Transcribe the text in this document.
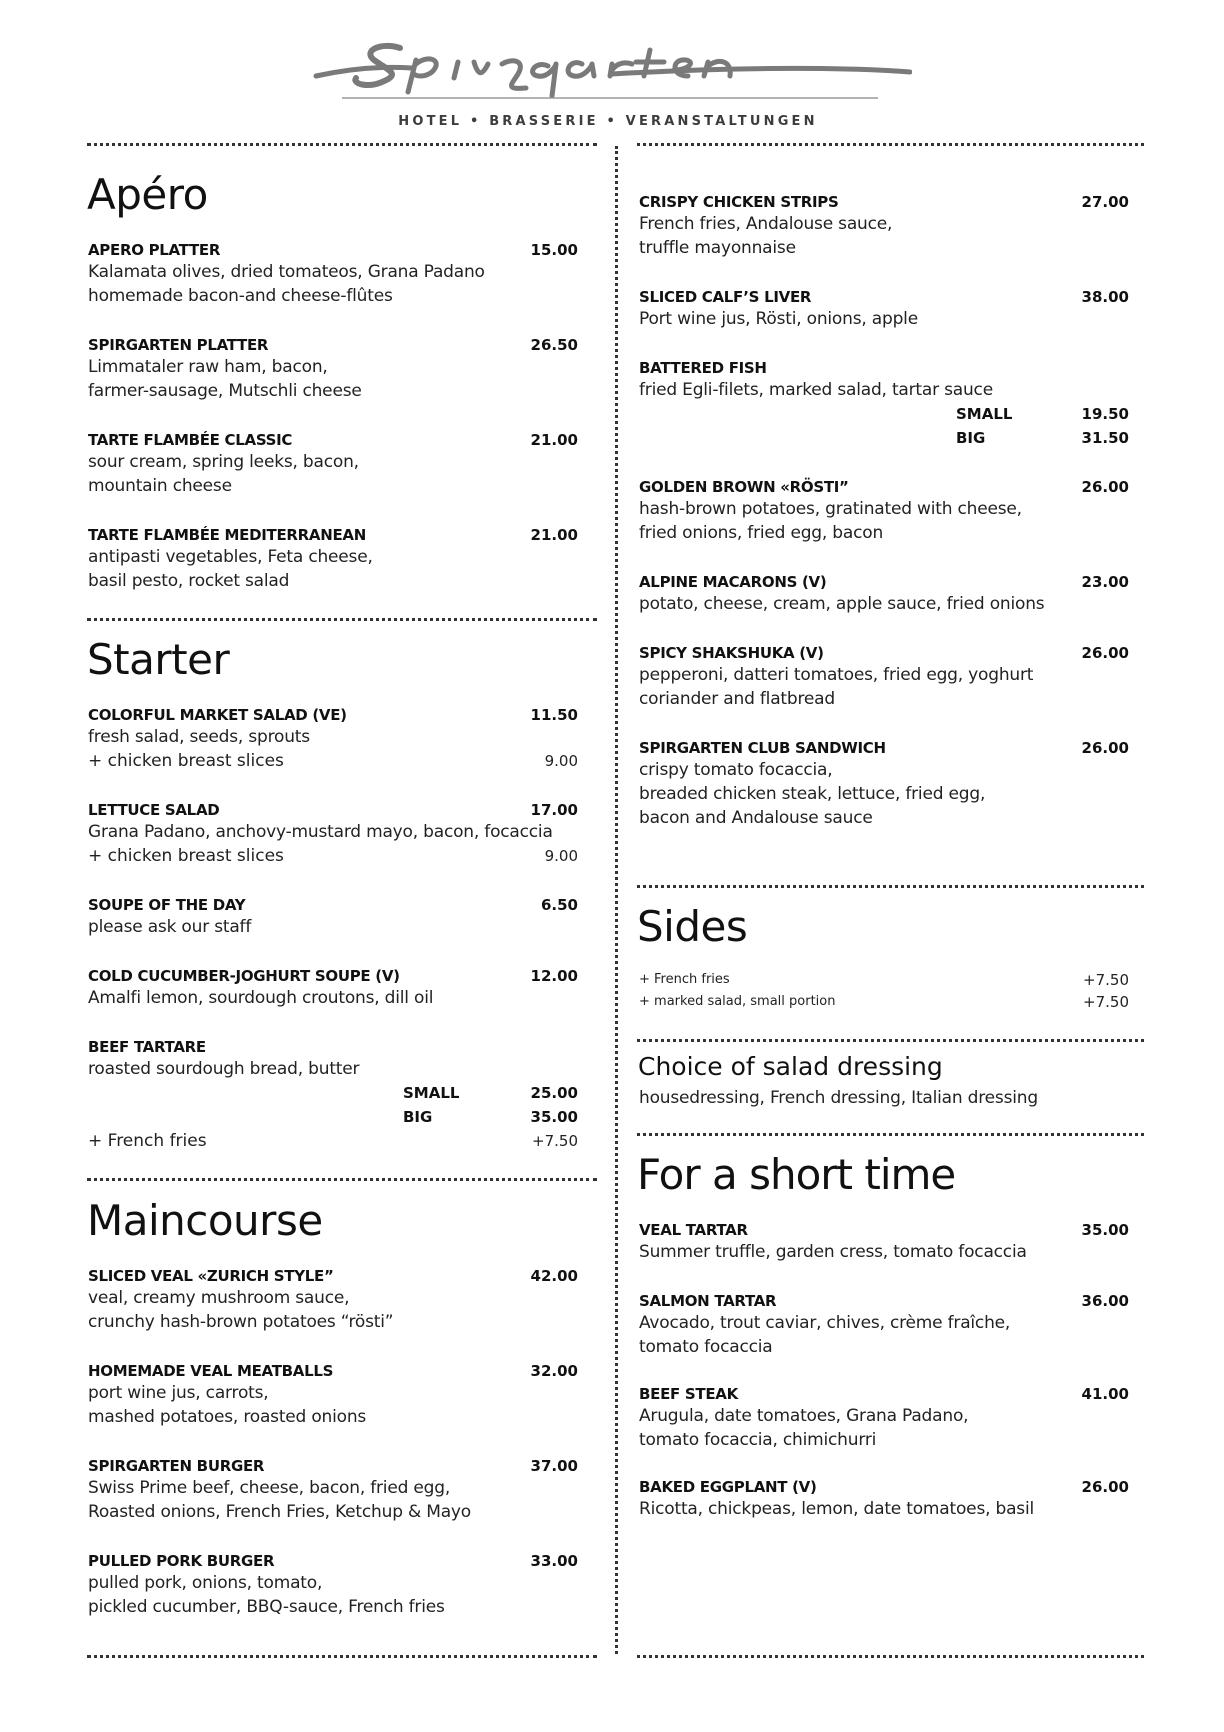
HOTEL • BRASSERIE • VERANSTALTUNGEN
Apéro
APERO PLATTER	15.00
Kalamata olives, dried tomateos, Grana Padano
homemade bacon-and cheese-flûtes
SPIRGARTEN PLATTER	26.50
Limmataler raw ham, bacon,
farmer-sausage, Mutschli cheese
TARTE FLAMBÉE CLASSIC	21.00
sour cream, spring leeks, bacon,
mountain cheese
TARTE FLAMBÉE MEDITERRANEAN	21.00
antipasti vegetables, Feta cheese,
basil pesto, rocket salad
Starter
COLORFUL MARKET SALAD (VE)	11.50
fresh salad, seeds, sprouts
+ chicken breast slices	9.00
LETTUCE SALAD	17.00
Grana Padano, anchovy-mustard mayo, bacon, focaccia
+ chicken breast slices	9.00
SOUPE OF THE DAY	6.50
please ask our staff
COLD CUCUMBER-JOGHURT SOUPE (V)	12.00
Amalfi lemon, sourdough croutons, dill oil
BEEF TARTARE
roasted sourdough bread, butter
SMALL	25.00
BIG	35.00
+ French fries	+7.50
Maincourse
SLICED VEAL «ZURICH STYLE”	42.00
veal, creamy mushroom sauce,
crunchy hash-brown potatoes “rösti”
HOMEMADE VEAL MEATBALLS	32.00
port wine jus, carrots,
mashed potatoes, roasted onions
SPIRGARTEN BURGER	37.00
Swiss Prime beef, cheese, bacon, fried egg,
Roasted onions, French Fries, Ketchup & Mayo
PULLED PORK BURGER	33.00
pulled pork, onions, tomato,
pickled cucumber, BBQ-sauce, French fries
CRISPY CHICKEN STRIPS	27.00
French fries, Andalouse sauce,
truffle mayonnaise
SLICED CALF’S LIVER	38.00
Port wine jus, Rösti, onions, apple
BATTERED FISH
fried Egli-filets, marked salad, tartar sauce
SMALL	19.50
BIG	31.50
GOLDEN BROWN «RÖSTI”	26.00
hash-brown potatoes, gratinated with cheese,
fried onions, fried egg, bacon
ALPINE MACARONS (V)	23.00
potato, cheese, cream, apple sauce, fried onions
SPICY SHAKSHUKA (V)	26.00
pepperoni, datteri tomatoes, fried egg, yoghurt
coriander and flatbread
SPIRGARTEN CLUB SANDWICH	26.00
crispy tomato focaccia,
breaded chicken steak, lettuce, fried egg,
bacon and Andalouse sauce
Sides
+ French fries	+7.50
+ marked salad, small portion	+7.50
Choice of salad dressing
housedressing, French dressing, Italian dressing
For a short time
VEAL TARTAR	35.00
Summer truffle, garden cress, tomato focaccia
SALMON TARTAR	36.00
Avocado, trout caviar, chives, crème fraîche,
tomato focaccia
BEEF STEAK	41.00
Arugula, date tomatoes, Grana Padano,
tomato focaccia, chimichurri
BAKED EGGPLANT (V)	26.00
Ricotta, chickpeas, lemon, date tomatoes, basil
